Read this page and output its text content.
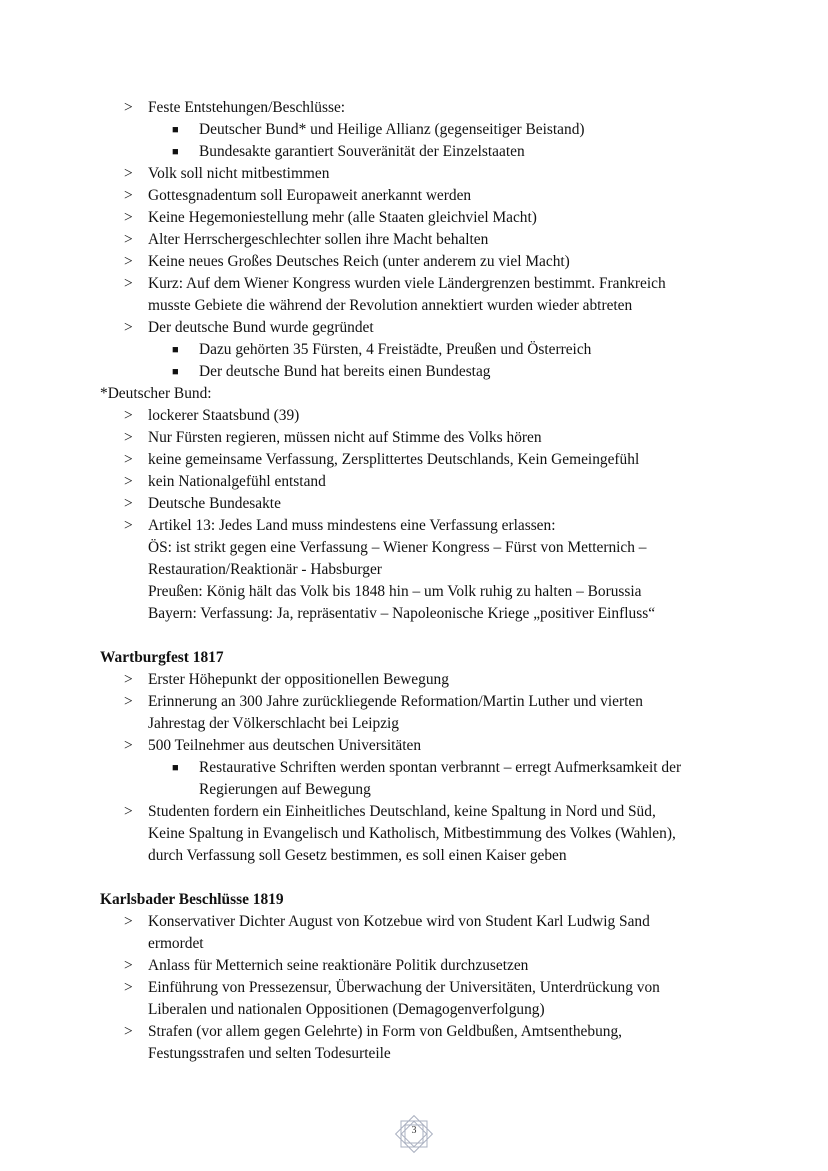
> Feste Entstehungen/Beschlüsse:
■ Deutscher Bund* und Heilige Allianz (gegenseitiger Beistand)
■ Bundesakte garantiert Souveränität der Einzelstaaten
> Volk soll nicht mitbestimmen
> Gottesgnadentum soll Europaweit anerkannt werden
> Keine Hegemoniestellung mehr (alle Staaten gleichviel Macht)
> Alter Herrschergeschlechter sollen ihre Macht behalten
> Keine neues Großes Deutsches Reich (unter anderem zu viel Macht)
> Kurz: Auf dem Wiener Kongress wurden viele Ländergrenzen bestimmt. Frankreich
musste Gebiete die während der Revolution annektiert wurden wieder abtreten
> Der deutsche Bund wurde gegründet
■ Dazu gehörten 35 Fürsten, 4 Freistädte, Preußen und Österreich
■ Der deutsche Bund hat bereits einen Bundestag
*Deutscher Bund:
> lockerer Staatsbund (39)
> Nur Fürsten regieren, müssen nicht auf Stimme des Volks hören
> keine gemeinsame Verfassung, Zersplittertes Deutschlands, Kein Gemeingefühl
> kein Nationalgefühl entstand
> Deutsche Bundesakte
> Artikel 13: Jedes Land muss mindestens eine Verfassung erlassen:
ÖS: ist strikt gegen eine Verfassung – Wiener Kongress – Fürst von Metternich –
Restauration/Reaktionär - Habsburger
Preußen: König hält das Volk bis 1848 hin – um Volk ruhig zu halten – Borussia
Bayern: Verfassung: Ja, repräsentativ – Napoleonische Kriege „positiver Einfluss“
Wartburgfest 1817
> Erster Höhepunkt der oppositionellen Bewegung
> Erinnerung an 300 Jahre zurückliegende Reformation/Martin Luther und vierten
Jahrestag der Völkerschlacht bei Leipzig
> 500 Teilnehmer aus deutschen Universitäten
■ Restaurative Schriften werden spontan verbrannt – erregt Aufmerksamkeit der
Regierungen auf Bewegung
> Studenten fordern ein Einheitliches Deutschland, keine Spaltung in Nord und Süd,
Keine Spaltung in Evangelisch und Katholisch, Mitbestimmung des Volkes (Wahlen),
durch Verfassung soll Gesetz bestimmen, es soll einen Kaiser geben
Karlsbader Beschlüsse 1819
> Konservativer Dichter August von Kotzebue wird von Student Karl Ludwig Sand
ermordet
> Anlass für Metternich seine reaktionäre Politik durchzusetzen
> Einführung von Pressezensur, Überwachung der Universitäten, Unterdrückung von
Liberalen und nationalen Oppositionen (Demagogenverfolgung)
> Strafen (vor allem gegen Gelehrte) in Form von Geldbußen, Amtsenthebung,
Festungsstrafen und selten Todesurteile
3
